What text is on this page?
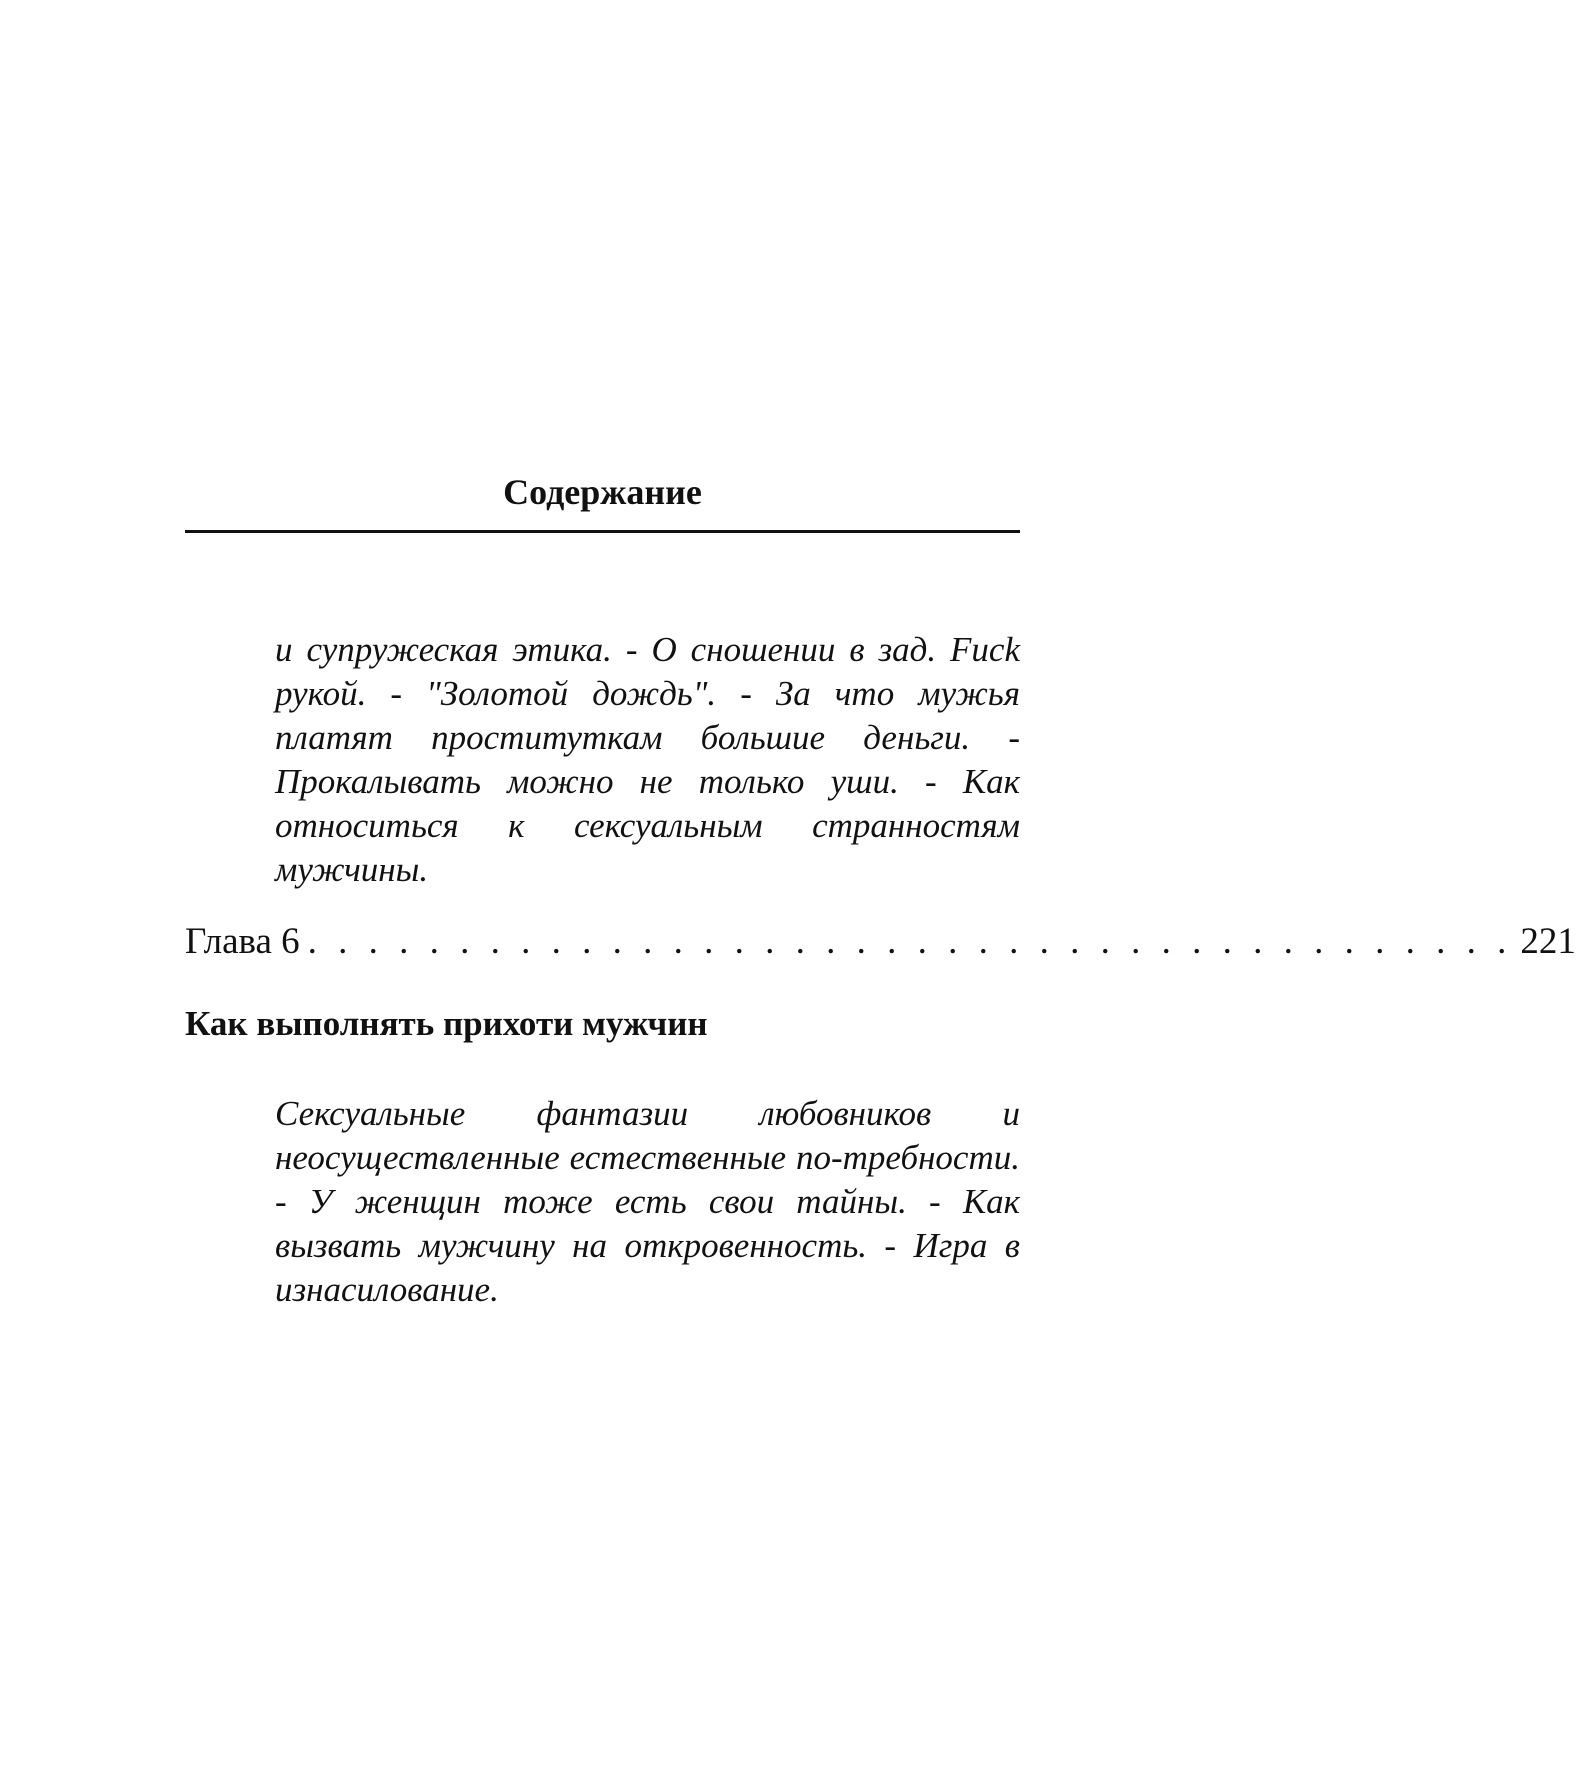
Содержание
и супружеская этика. - О сношении в зад. Fuck рукой. - "Золотой дождь". - За что мужья платят проституткам большие деньги. - Прокалывать можно не только уши. - Как относиться к сексуальным странностям мужчины.
Глава 6 . . . . . . . . . . . . . . . . . . . . . . . . . . . . . . . . . . . . . . . . 221
Как выполнять прихоти мужчин
Сексуальные фантазии любовников и неосуществленные естественные по-требности. - У женщин тоже есть свои тайны. - Как вызвать мужчину на откровенность. - Игра в изнасилование.
